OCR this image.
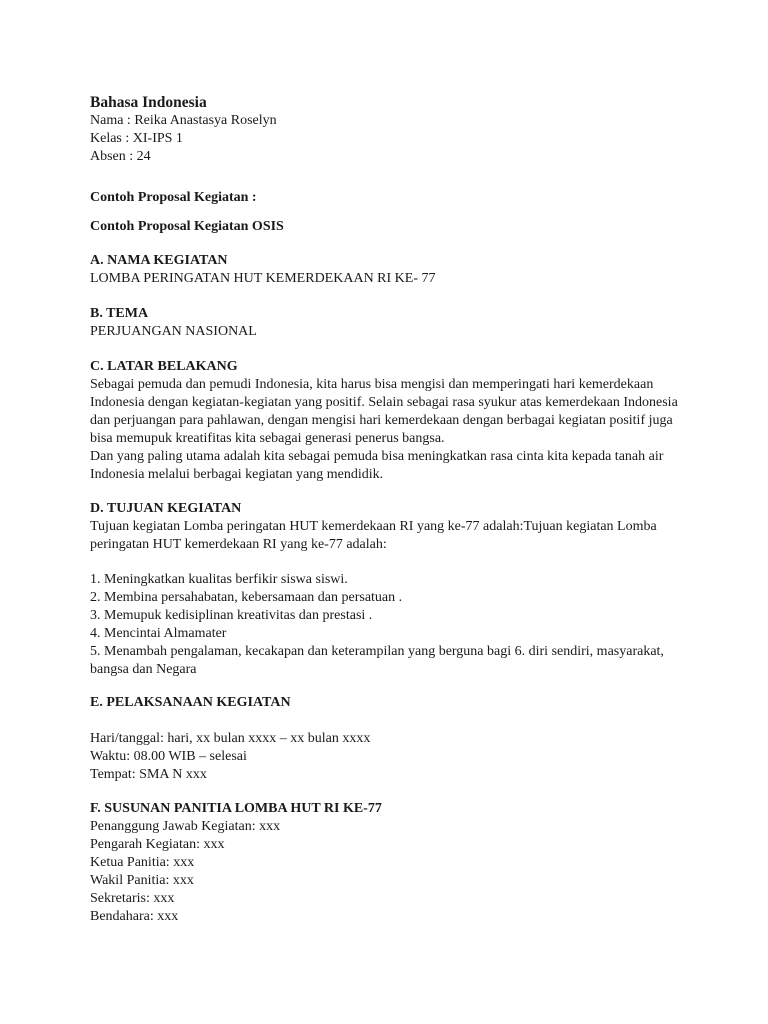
Bahasa Indonesia
Nama : Reika Anastasya Roselyn
Kelas : XI-IPS 1
Absen : 24
Contoh Proposal Kegiatan :
Contoh Proposal Kegiatan OSIS
A. NAMA KEGIATAN
LOMBA PERINGATAN HUT KEMERDEKAAN RI KE- 77
B. TEMA
PERJUANGAN NASIONAL
C. LATAR BELAKANG
Sebagai pemuda dan pemudi Indonesia, kita harus bisa mengisi dan memperingati hari kemerdekaan
Indonesia dengan kegiatan-kegiatan yang positif. Selain sebagai rasa syukur atas kemerdekaan Indonesia
dan perjuangan para pahlawan, dengan mengisi hari kemerdekaan dengan berbagai kegiatan positif juga
bisa memupuk kreatifitas kita sebagai generasi penerus bangsa.
Dan yang paling utama adalah kita sebagai pemuda bisa meningkatkan rasa cinta kita kepada tanah air
Indonesia melalui berbagai kegiatan yang mendidik.
D. TUJUAN KEGIATAN
Tujuan kegiatan Lomba peringatan HUT kemerdekaan RI yang ke-77 adalah:Tujuan kegiatan Lomba
peringatan HUT kemerdekaan RI yang ke-77 adalah:
1. Meningkatkan kualitas berfikir siswa siswi.
2. Membina persahabatan, kebersamaan dan persatuan .
3. Memupuk kedisiplinan kreativitas dan prestasi .
4. Mencintai Almamater
5. Menambah pengalaman, kecakapan dan keterampilan yang berguna bagi 6. diri sendiri, masyarakat,
bangsa dan Negara
E. PELAKSANAAN KEGIATAN
Hari/tanggal: hari, xx bulan xxxx – xx bulan xxxx
Waktu: 08.00 WIB – selesai
Tempat: SMA N xxx
F. SUSUNAN PANITIA LOMBA HUT RI KE-77
Penanggung Jawab Kegiatan: xxx
Pengarah Kegiatan: xxx
Ketua Panitia: xxx
Wakil Panitia: xxx
Sekretaris: xxx
Bendahara: xxx
